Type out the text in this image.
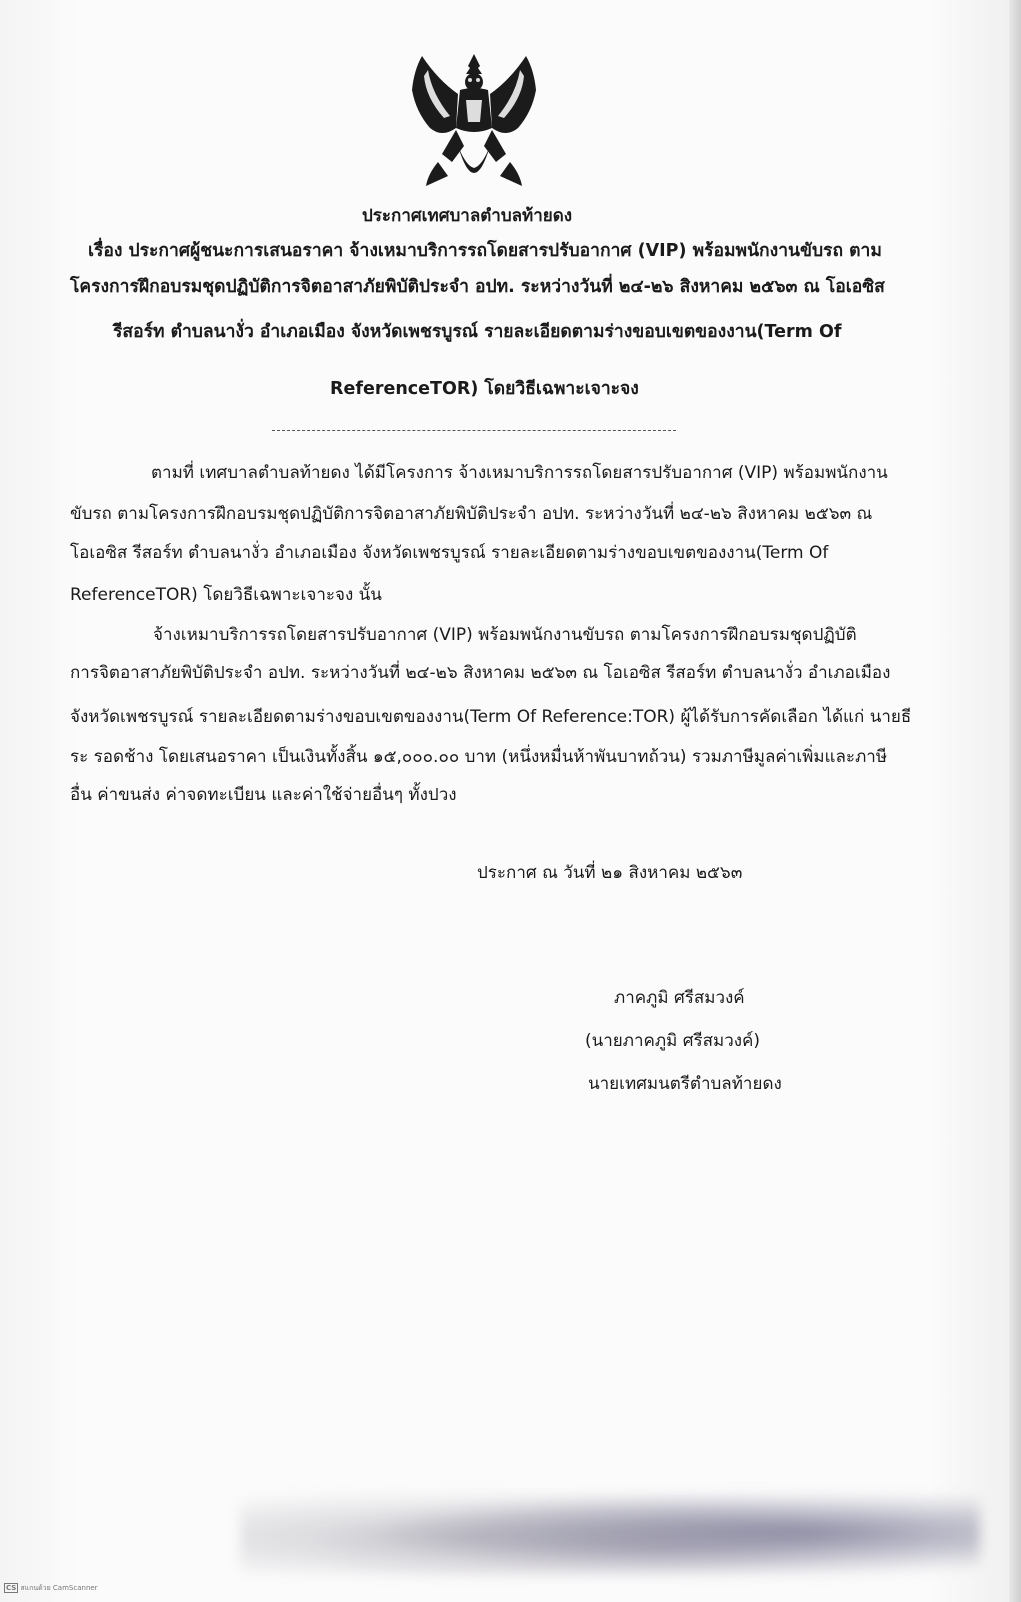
ประกาศเทศบาลตำบลท้ายดง
เรื่อง ประกาศผู้ชนะการเสนอราคา จ้างเหมาบริการรถโดยสารปรับอากาศ (VIP) พร้อมพนักงานขับรถ ตาม
โครงการฝึกอบรมชุดปฏิบัติการจิตอาสาภัยพิบัติประจำ อปท. ระหว่างวันที่ ๒๔-๒๖ สิงหาคม ๒๕๖๓ ณ โอเอซิส
รีสอร์ท ตำบลนางั่ว อำเภอเมือง จังหวัดเพชรบูรณ์ รายละเอียดตามร่างขอบเขตของงาน(Term Of
ReferenceTOR) โดยวิธีเฉพาะเจาะจง
ตามที่ เทศบาลตำบลท้ายดง ได้มีโครงการ จ้างเหมาบริการรถโดยสารปรับอากาศ (VIP) พร้อมพนักงาน
ขับรถ ตามโครงการฝึกอบรมชุดปฏิบัติการจิตอาสาภัยพิบัติประจำ อปท. ระหว่างวันที่ ๒๔-๒๖ สิงหาคม ๒๕๖๓ ณ
โอเอซิส รีสอร์ท ตำบลนางั่ว อำเภอเมือง จังหวัดเพชรบูรณ์ รายละเอียดตามร่างขอบเขตของงาน(Term Of
ReferenceTOR) โดยวิธีเฉพาะเจาะจง นั้น
จ้างเหมาบริการรถโดยสารปรับอากาศ (VIP) พร้อมพนักงานขับรถ ตามโครงการฝึกอบรมชุดปฏิบัติ
การจิตอาสาภัยพิบัติประจำ อปท. ระหว่างวันที่ ๒๔-๒๖ สิงหาคม ๒๕๖๓ ณ โอเอซิส รีสอร์ท ตำบลนางั่ว อำเภอเมือง
จังหวัดเพชรบูรณ์ รายละเอียดตามร่างขอบเขตของงาน(Term Of Reference:TOR) ผู้ได้รับการคัดเลือก ได้แก่ นายธี
ระ รอดช้าง โดยเสนอราคา เป็นเงินทั้งสิ้น ๑๕,๐๐๐.๐๐ บาท (หนึ่งหมื่นห้าพันบาทถ้วน) รวมภาษีมูลค่าเพิ่มและภาษี
อื่น ค่าขนส่ง ค่าจดทะเบียน และค่าใช้จ่ายอื่นๆ ทั้งปวง
ประกาศ ณ วันที่ ๒๑ สิงหาคม ๒๕๖๓
ภาคภูมิ ศรีสมวงค์
(นายภาคภูมิ ศรีสมวงค์)
นายเทศมนตรีตำบลท้ายดง
CS สแกนด้วย CamScanner
